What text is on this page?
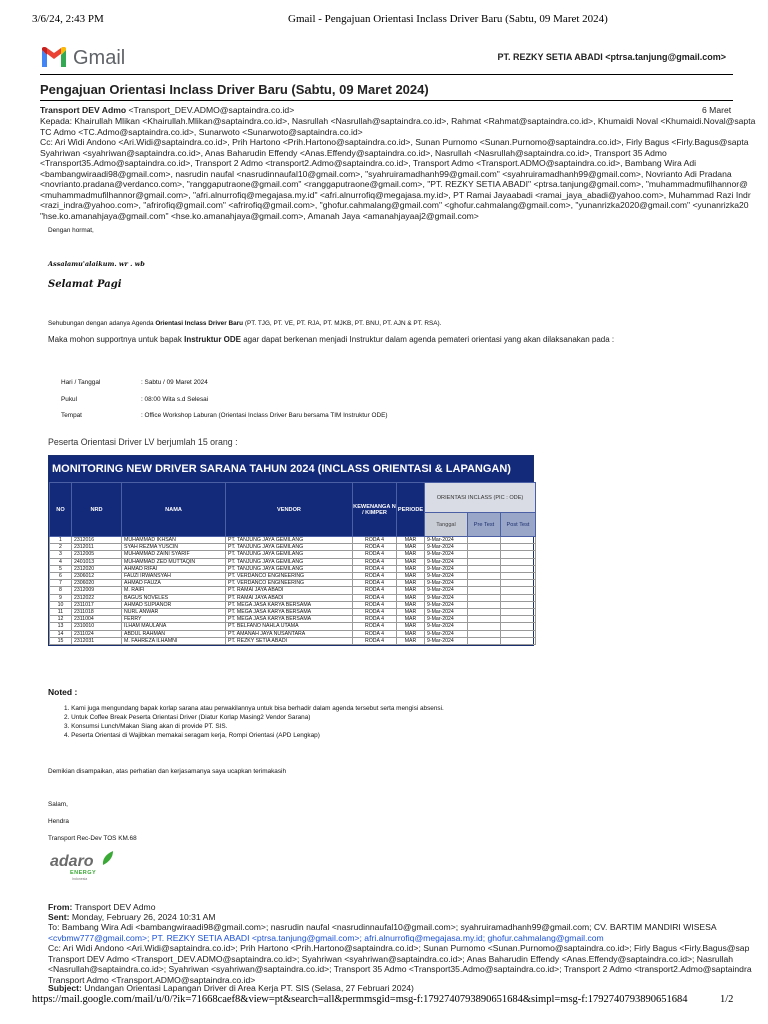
3/6/24, 2:43 PM	Gmail - Pengajuan Orientasi Inclass Driver Baru (Sabtu, 09 Maret 2024)
Gmail	PT. REZKY SETIA ABADI <ptrsa.tanjung@gmail.com>
Pengajuan Orientasi Inclass Driver Baru (Sabtu, 09 Maret 2024)
Transport DEV Admo <Transport_DEV.ADMO@saptaindra.co.id>	6 Maret
Kepada: Khairullah Mlikan <Khairullah.Mlikan@saptaindra.co.id>, Nasrullah <Nasrullah@saptaindra.co.id>, Rahmat <Rahmat@saptaindra.co.id>, Khumaidi Noval <Khumaidi.Noval@sapta
TC Admo <TC.Admo@saptaindra.co.id>, Sunarwoto <Sunarwoto@saptaindra.co.id>
Cc: Ari Widi Andono <Ari.Widi@saptaindra.co.id>, Prih Hartono <Prih.Hartono@saptaindra.co.id>, Sunan Purnomo <Sunan.Purnomo@saptaindra.co.id>, Firly Bagus <Firly.Bagus@sapta
Syahriwan <syahriwan@saptaindra.co.id>, Anas Baharudin Effendy <Anas.Effendy@saptaindra.co.id>, Nasrullah <Nasrullah@saptaindra.co.id>, Transport 35 Admo
<Transport35.Admo@saptaindra.co.id>, Transport 2 Admo <transport2.Admo@saptaindra.co.id>, Transport Admo <Transport.ADMO@saptaindra.co.id>, Bambang Wira Adi
<bambangwiraadi98@gmail.com>, nasrudin naufal <nasrudinnaufal10@gmail.com>, "syahruiramadhanh99@gmail.com" <syahruiramadhanh99@gmail.com>, Novrianto Adi Pradana
<novrianto.pradana@verdanco.com>, "ranggaputraone@gmail.com" <ranggaputraone@gmail.com>, "PT. REZKY SETIA ABADI" <ptrsa.tanjung@gmail.com>, "muhammadmufilhannor@
<muhammadmufilhannor@gmail.com>, "afri.alnurrofiq@megajasa.my.id" <afri.alnurrofiq@megajasa.my.id>, PT Ramai Jayaabadi <ramai_jaya_abadi@yahoo.com>, Muhammad Razi Indr
<razi_indra@yahoo.com>, "afrirofiq@gmail.com" <afrirofiq@gmail.com>, "ghofur.cahmalang@gmail.com" <ghofur.cahmalang@gmail.com>, "yunanrizka2020@gmail.com" <yunanrizka20
"hse.ko.amanahjaya@gmail.com" <hse.ko.amanahjaya@gmail.com>, Amanah Jaya <amanahjayaaj2@gmail.com>
Dengan hormat,
Assalamu'alaikum. wr . wb
Selamat Pagi
Sehubungan dengan adanya Agenda Orientasi Inclass Driver Baru (PT. TJG, PT. VE, PT. RJA, PT. MJKB, PT. BNU, PT. AJN & PT. RSA).
Maka mohon supportnya untuk bapak Instruktur ODE agar dapat berkenan menjadi Instruktur dalam agenda pemateri orientasi yang akan dilaksanakan pada :
Hari / Tanggal	: Sabtu / 09 Maret 2024
Pukul	: 08:00 Wita s.d Selesai
Tempat	: Office Workshop Laburan (Orientasi Inclass Driver Baru bersama TIM Instruktur ODE)
Peserta Orientasi Driver LV berjumlah 15 orang :
MONITORING NEW DRIVER SARANA TAHUN 2024 (INCLASS ORIENTASI & LAPANGAN)
NO	NRD	NAMA	VENDOR	KEWENANGA N / KIMPER	PERIODE	ORIENTASI INCLASS (PIC : ODE)		

						Tanggal	Pre Test	Post Test
1	2312016	MUHAMMAD IKHSAN	PT. TANJUNG JAYA GEMILANG	RODA 4	MAR	9-Mar-2024		
2	2312011	SYAH REZMA YUSCIN	PT. TANJUNG JAYA GEMILANG	RODA 4	MAR	9-Mar-2024		
3	2312005	MUHAMMAD ZAINI SYARIF	PT. TANJUNG JAYA GEMILANG	RODA 4	MAR	9-Mar-2024		
4	2401013	MUHAMMAD ZED MUTTAQIN	PT. TANJUNG JAYA GEMILANG	RODA 4	MAR	9-Mar-2024		
5	2312020	AHMAD RIFAI	PT. TANJUNG JAYA GEMILANG	RODA 4	MAR	9-Mar-2024		
6	2306012	FAUZI IRWANSYAH	PT. VERDANCO ENGINEERING	RODA 4	MAR	9-Mar-2024		
7	2306020	AHMAD FAUZA	PT. VERDANCO ENGINEERING	RODA 4	MAR	9-Mar-2024		
8	2312009	M. RAIFI	PT. RAMAI JAYA ABADI	RODA 4	MAR	9-Mar-2024		
9	2312022	BAGUS NOVELES	PT. RAMAI JAYA ABADI	RODA 4	MAR	9-Mar-2024		
10	2311017	AHMAD SUPIANOR	PT. MEGA JASA KARYA BERSAMA	RODA 4	MAR	9-Mar-2024		
11	2311018	NURL ANWAR	PT. MEGA JASA KARYA BERSAMA	RODA 4	MAR	9-Mar-2024		
12	2311004	FERRY	PT. MEGA JASA KARYA BERSAMA	RODA 4	MAR	9-Mar-2024		
13	2310010	ILHAM MAULANA	PT. BELFANO NAHLA UTAMA	RODA 4	MAR	9-Mar-2024		
14	2311024	ABDUL RAHMAN	PT. AMANAH JAYA NUSANTARA	RODA 4	MAR	9-Mar-2024		
15	2312031	M. FAHREZA ILHAMNI	PT. REZKY SETIA ABADI	RODA 4	MAR	9-Mar-2024		
Noted :
1. Kami juga mengundang bapak korlap sarana atau perwakilannya untuk bisa berhadir dalam agenda tersebut serta mengisi absensi.
2. Untuk Coffee Break Peserta Orientasi Driver (Diatur Korlap Masing2 Vendor Sarana)
3. Konsumsi Lunch/Makan Siang akan di provide PT. SIS.
4. Peserta Orientasi di Wajibkan memakai seragam kerja, Rompi Orientasi (APD Lengkap)
Demikian disampaikan, atas perhatian dan kerjasamanya saya ucapkan terimakasih
Salam,
Hendra
Transport Rec-Dev TOS KM.68
adaro
ENERGY
Indonesia
From: Transport DEV Admo
Sent: Monday, February 26, 2024 10:31 AM
To: Bambang Wira Adi <bambangwiraadi98@gmail.com>; nasrudin naufal <nasrudinnaufal10@gmail.com>; syahruiramadhanh99@gmail.com; CV. BARTIM MANDIRI WISESA
<cvbmw777@gmail.com>; PT. REZKY SETIA ABADI <ptrsa.tanjung@gmail.com>; afri.alnurrofiq@megajasa.my.id; ghofur.cahmalang@gmail.com
Cc: Ari Widi Andono <Ari.Widi@saptaindra.co.id>; Prih Hartono <Prih.Hartono@saptaindra.co.id>; Sunan Purnomo <Sunan.Purnomo@saptaindra.co.id>; Firly Bagus <Firly.Bagus@sap
Transport DEV Admo <Transport_DEV.ADMO@saptaindra.co.id>; Syahriwan <syahriwan@saptaindra.co.id>; Anas Baharudin Effendy <Anas.Effendy@saptaindra.co.id>; Nasrullah
<Nasrullah@saptaindra.co.id>; Syahriwan <syahriwan@saptaindra.co.id>; Transport 35 Admo <Transport35.Admo@saptaindra.co.id>; Transport 2 Admo <transport2.Admo@saptaindra
Transport Admo <Transport.ADMO@saptaindra.co.id>
Subject: Undangan Orientasi Lapangan Driver di Area Kerja PT. SIS (Selasa, 27 Februari 2024)
https://mail.google.com/mail/u/0/?ik=71668caef8&view=pt&search=all&permmsgid=msg-f:1792740793890651684&simpl=msg-f:1792740793890651684	1/2
